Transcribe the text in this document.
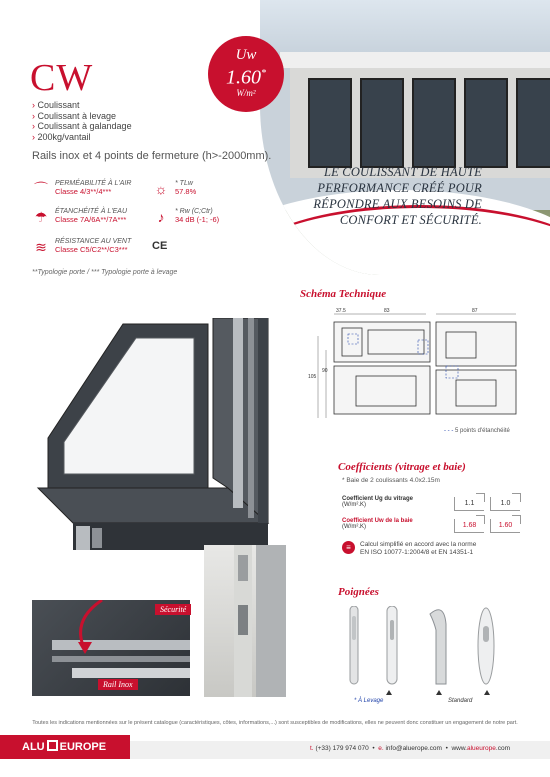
LE COULISSANT DE HAUTE
PERFORMANCE CRÉÉ POUR
RÉPONDRE AUX BESOINS DE
CONFORT ET SÉCURITÉ.
Uw
1.60*
W/m²
CW
› Coulissant
› Coulissant à levage
› Coulissant à galandage
› 200kg/vantail
Rails inox et 4 points de fermeture (h>-2000mm).
⌒ PERMÉABILITÉ À L'AIR
Classe 4/3**/4***
☂	ÉTANCHÉITÉ À L'EAU
Classe 7A/6A**/7A***
≋	RÉSISTANCE AU VENT
Classe C5/C2**/C3***
☼	* TLw
57.8%
♪	* Rw (C;Ctr)
34 dB (-1; -6)
CE
**Typologie porte / *** Typologie porte à levage
Rail Inox
Sécurité
Schéma Technique
37.5	83	87
105
90
- - - 5 points d'étanchéité
Coefficients (vitrage et baie)
* Baie de 2 coulissants 4.0x2.15m
Coefficient Ug du vitrage
(W/m².K)	1.1	1.0
Coefficient Uw de la baie
(W/m².K)	1.68	1.60
≡	Calcul simplifié en accord avec la norme
EN ISO 10077-1:2004/8 et EN 14351-1
Poignées
* À Levage	Standard
Toutes les indications mentionnées sur le présent catalogue (caractéristiques, côtes, informations,...) sont susceptibles de modifications, elles ne peuvent donc constituer un engagement de notre part.
ALU EUROPE	t. (+33) 179 974 070  •  e. info@aluerope.com  •  www.alueurope.com
